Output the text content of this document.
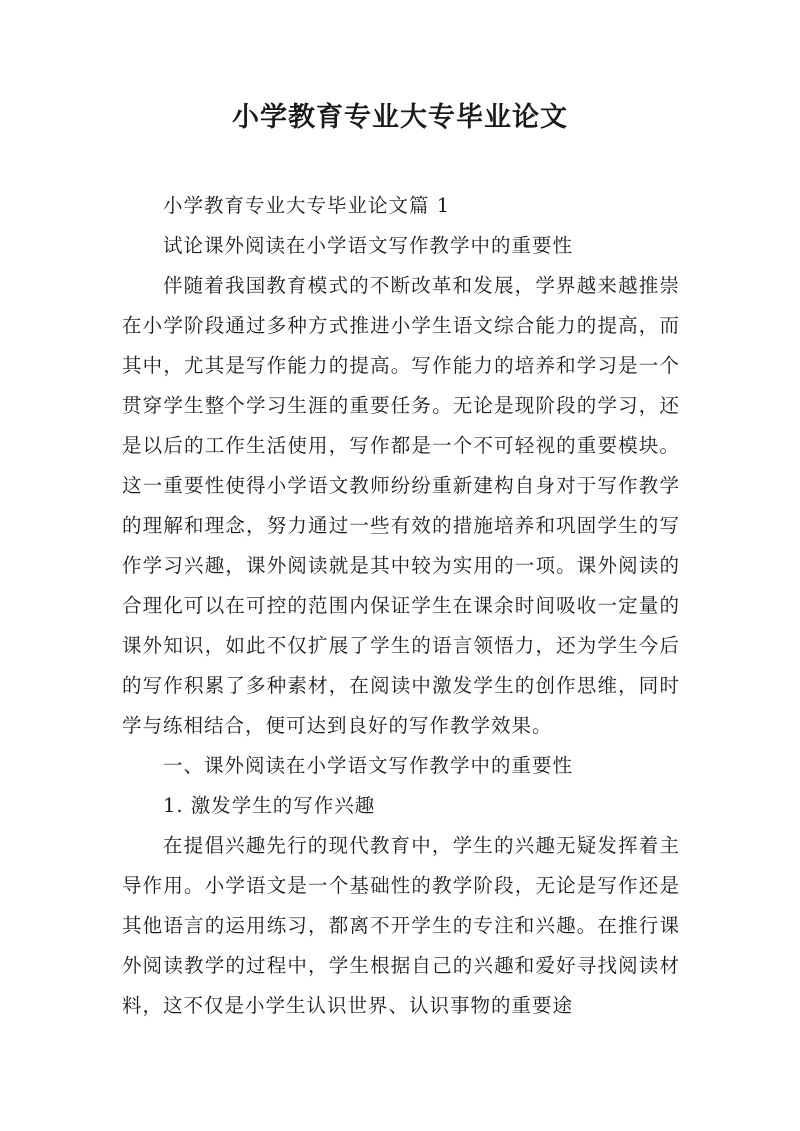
小学教育专业大专毕业论文

小学教育专业大专毕业论文篇 1

试论课外阅读在小学语文写作教学中的重要性

伴随着我国教育模式的不断改革和发展，学界越来越推崇在小学阶段通过多种方式推进小学生语文综合能力的提高，而其中，尤其是写作能力的提高。写作能力的培养和学习是一个贯穿学生整个学习生涯的重要任务。无论是现阶段的学习，还是以后的工作生活使用，写作都是一个不可轻视的重要模块。这一重要性使得小学语文教师纷纷重新建构自身对于写作教学的理解和理念，努力通过一些有效的措施培养和巩固学生的写作学习兴趣，课外阅读就是其中较为实用的一项。课外阅读的合理化可以在可控的范围内保证学生在课余时间吸收一定量的课外知识，如此不仅扩展了学生的语言领悟力，还为学生今后的写作积累了多种素材，在阅读中激发学生的创作思维，同时学与练相结合，便可达到良好的写作教学效果。

一、课外阅读在小学语文写作教学中的重要性

1. 激发学生的写作兴趣

在提倡兴趣先行的现代教育中，学生的兴趣无疑发挥着主导作用。小学语文是一个基础性的教学阶段，无论是写作还是其他语言的运用练习，都离不开学生的专注和兴趣。在推行课外阅读教学的过程中，学生根据自己的兴趣和爱好寻找阅读材料，这不仅是小学生认识世界、认识事物的重要途
